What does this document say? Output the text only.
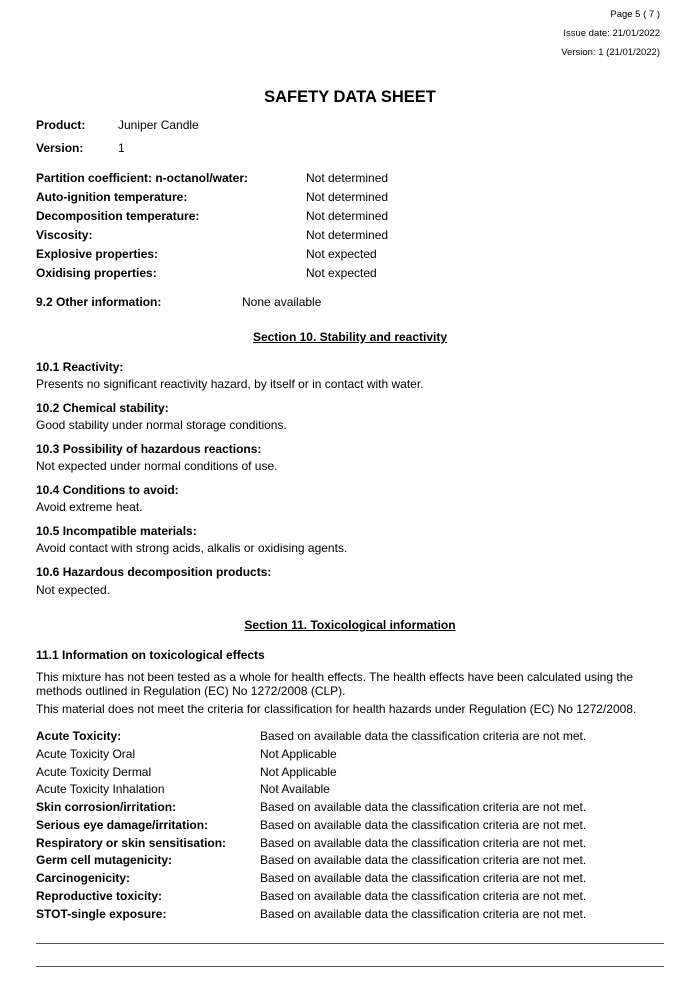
Page 5 ( 7 )
Issue date: 21/01/2022
Version: 1 (21/01/2022)
SAFETY DATA SHEET
Product:	Juniper Candle
Version:	1
Partition coefficient: n-octanol/water:	Not determined
Auto-ignition temperature:	Not determined
Decomposition temperature:	Not determined
Viscosity:	Not determined
Explosive properties:	Not expected
Oxidising properties:	Not expected
9.2 Other information:	None available
Section 10. Stability and reactivity
10.1 Reactivity:
Presents no significant reactivity hazard, by itself or in contact with water.
10.2 Chemical stability:
Good stability under normal storage conditions.
10.3 Possibility of hazardous reactions:
Not expected under normal conditions of use.
10.4 Conditions to avoid:
Avoid extreme heat.
10.5 Incompatible materials:
Avoid contact with strong acids, alkalis or oxidising agents.
10.6 Hazardous decomposition products:
Not expected.
Section 11. Toxicological information
11.1 Information on toxicological effects
This mixture has not been tested as a whole for health effects. The health effects have been calculated using the methods outlined in Regulation (EC) No 1272/2008 (CLP).
This material does not meet the criteria for classification for health hazards under Regulation (EC) No 1272/2008.
Acute Toxicity:	Based on available data the classification criteria are not met.
Acute Toxicity Oral	Not Applicable
Acute Toxicity Dermal	Not Applicable
Acute Toxicity Inhalation	Not Available
Skin corrosion/irritation:	Based on available data the classification criteria are not met.
Serious eye damage/irritation:	Based on available data the classification criteria are not met.
Respiratory or skin sensitisation:	Based on available data the classification criteria are not met.
Germ cell mutagenicity:	Based on available data the classification criteria are not met.
Carcinogenicity:	Based on available data the classification criteria are not met.
Reproductive toxicity:	Based on available data the classification criteria are not met.
STOT-single exposure:	Based on available data the classification criteria are not met.
